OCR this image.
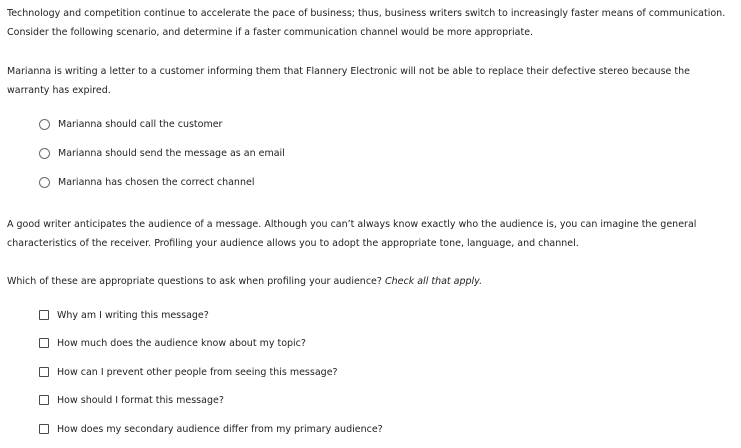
Technology and competition continue to accelerate the pace of business; thus, business writers switch to increasingly faster means of communication.
Consider the following scenario, and determine if a faster communication channel would be more appropriate.

Marianna is writing a letter to a customer informing them that Flannery Electronic will not be able to replace their defective stereo because the
warranty has expired.

Marianna should call the customer
Marianna should send the message as an email
Marianna has chosen the correct channel

A good writer anticipates the audience of a message. Although you can’t always know exactly who the audience is, you can imagine the general
characteristics of the receiver. Profiling your audience allows you to adopt the appropriate tone, language, and channel.

Which of these are appropriate questions to ask when profiling your audience? Check all that apply.

Why am I writing this message?
How much does the audience know about my topic?
How can I prevent other people from seeing this message?
How should I format this message?
How does my secondary audience differ from my primary audience?
